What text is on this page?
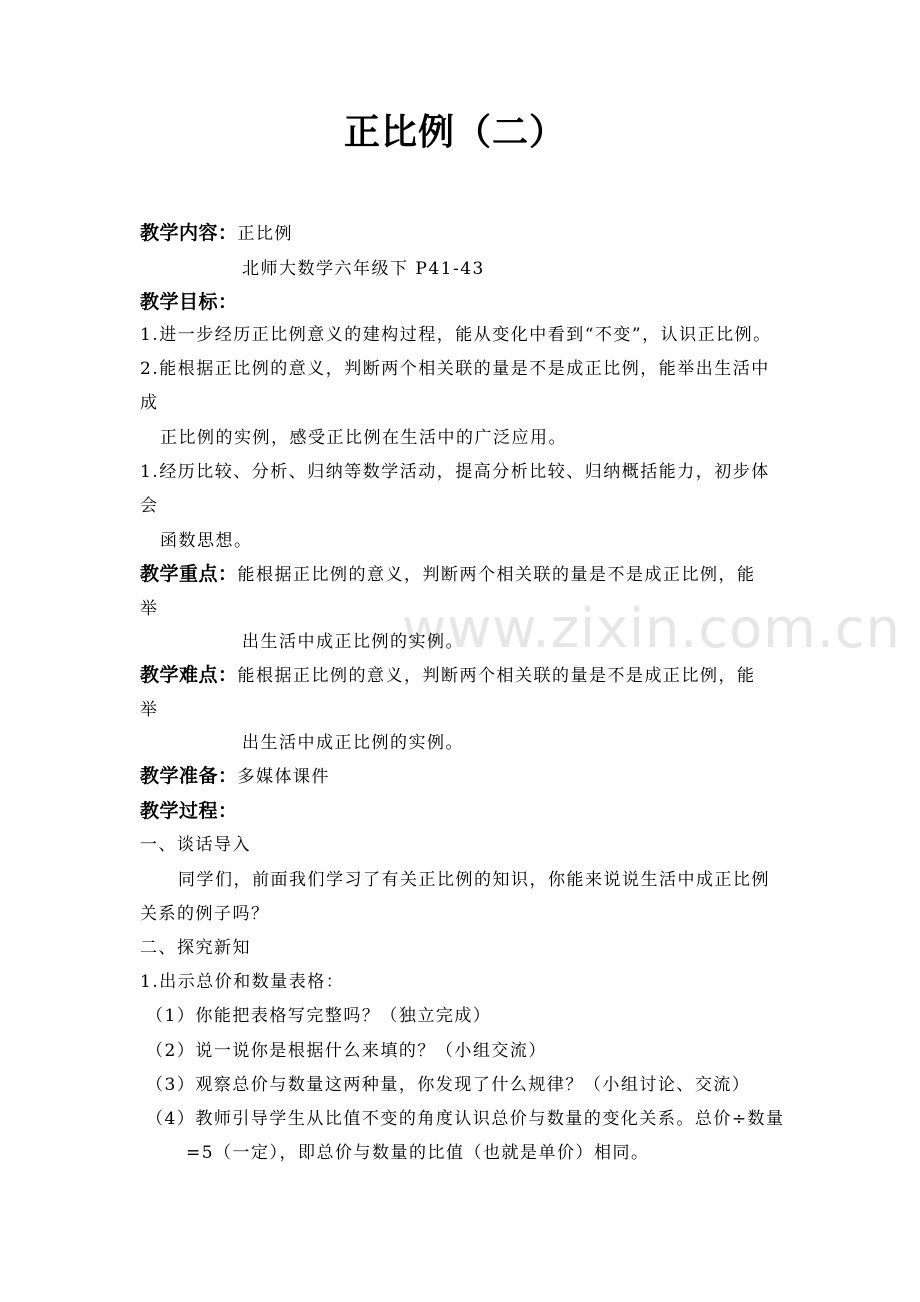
www.zixin.com.cn
正比例（二）
教学内容：正比例
北师大数学六年级下 P41-43
教学目标：
1.进一步经历正比例意义的建构过程，能从变化中看到“不变”，认识正比例。
2.能根据正比例的意义，判断两个相关联的量是不是成正比例，能举出生活中
成
正比例的实例，感受正比例在生活中的广泛应用。
1.经历比较、分析、归纳等数学活动，提高分析比较、归纳概括能力，初步体
会
函数思想。
教学重点：能根据正比例的意义，判断两个相关联的量是不是成正比例，能
举
出生活中成正比例的实例。
教学难点：能根据正比例的意义，判断两个相关联的量是不是成正比例，能
举
出生活中成正比例的实例。
教学准备：多媒体课件
教学过程：
一、谈话导入
同学们，前面我们学习了有关正比例的知识，你能来说说生活中成正比例
关系的例子吗？
二、探究新知
1.出示总价和数量表格：
（1）你能把表格写完整吗？（独立完成）
（2）说一说你是根据什么来填的？（小组交流）
（3）观察总价与数量这两种量，你发现了什么规律？（小组讨论、交流）
（4）教师引导学生从比值不变的角度认识总价与数量的变化关系。总价÷数量
=5（一定），即总价与数量的比值（也就是单价）相同。
